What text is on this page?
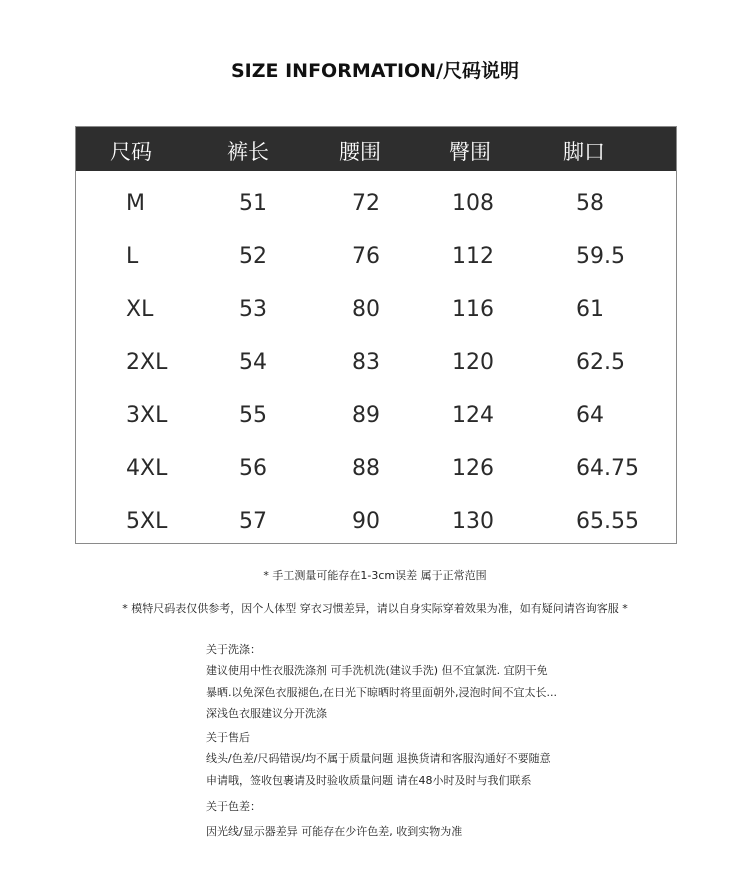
SIZE INFORMATION/尺码说明
尺码	裤长	腰围	臀围	脚口
M	51	72	108	58
L	52	76	112	59.5
XL	53	80	116	61
2XL	54	83	120	62.5
3XL	55	89	124	64
4XL	56	88	126	64.75
5XL	57	90	130	65.55
* 手工测量可能存在1-3cm误差 属于正常范围
* 模特尺码表仅供参考，因个人体型 穿衣习惯差异，请以自身实际穿着效果为准，如有疑问请咨询客服 *
关于洗涤：
建议使用中性衣服洗涤剂 可手洗机洗(建议手洗) 但不宜氯洗. 宜阴干免
暴晒.以免深色衣服褪色,在日光下晾晒时将里面朝外,浸泡时间不宜太长...
深浅色衣服建议分开洗涤
关于售后
线头/色差/尺码错误/均不属于质量问题 退换货请和客服沟通好不要随意
申请哦，签收包裹请及时验收质量问题 请在48小时及时与我们联系
关于色差：
因光线/显示器差异 可能存在少许色差, 收到实物为准
